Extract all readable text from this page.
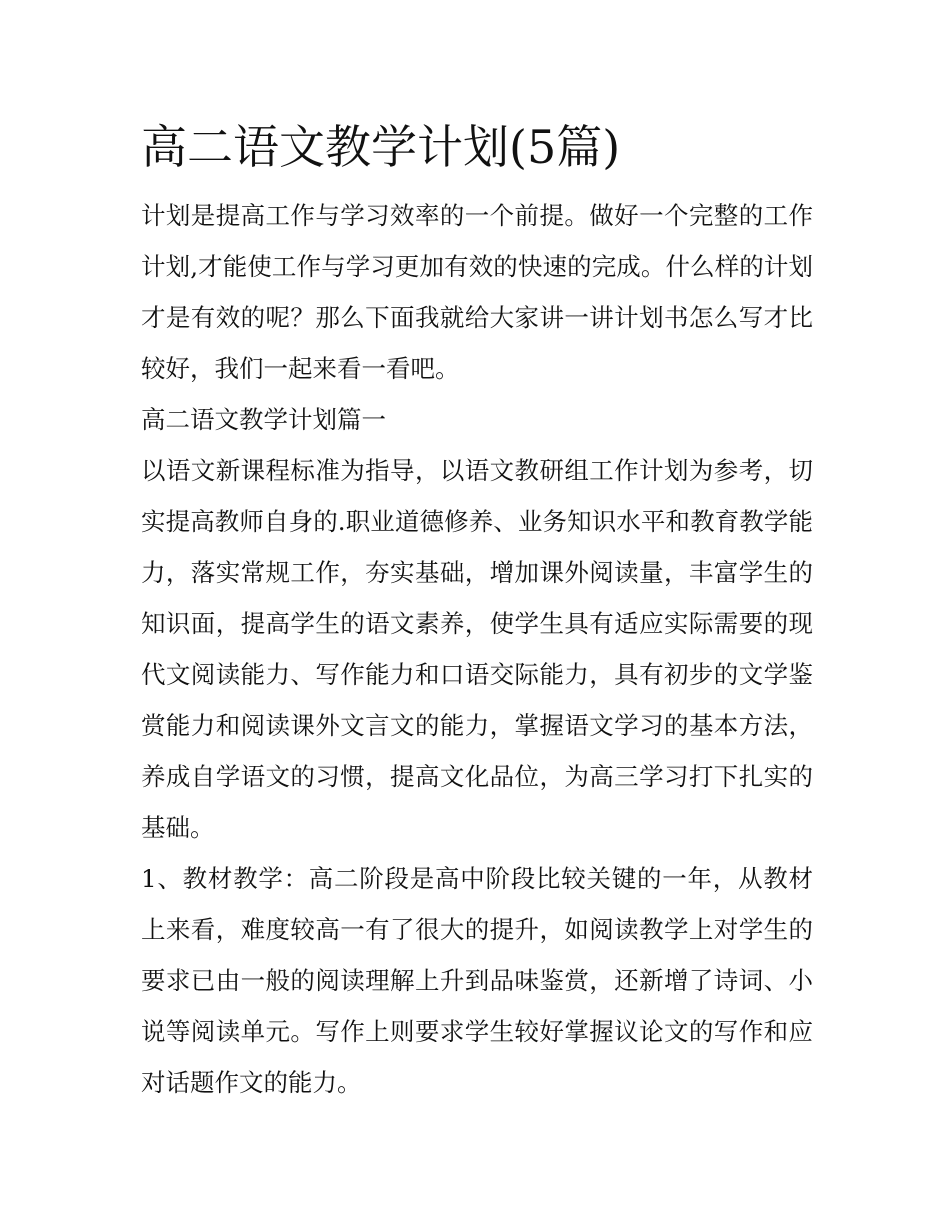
高二语文教学计划(5篇)

计划是提高工作与学习效率的一个前提。做好一个完整的工作计划,才能使工作与学习更加有效的快速的完成。什么样的计划才是有效的呢？那么下面我就给大家讲一讲计划书怎么写才比较好，我们一起来看一看吧。

高二语文教学计划篇一

以语文新课程标准为指导，以语文教研组工作计划为参考，切实提高教师自身的.职业道德修养、业务知识水平和教育教学能力，落实常规工作，夯实基础，增加课外阅读量，丰富学生的知识面，提高学生的语文素养，使学生具有适应实际需要的现代文阅读能力、写作能力和口语交际能力，具有初步的文学鉴赏能力和阅读课外文言文的能力，掌握语文学习的基本方法，养成自学语文的习惯，提高文化品位，为高三学习打下扎实的基础。

1、教材教学：高二阶段是高中阶段比较关键的一年，从教材上来看，难度较高一有了很大的提升，如阅读教学上对学生的要求已由一般的阅读理解上升到品味鉴赏，还新增了诗词、小说等阅读单元。写作上则要求学生较好掌握议论文的写作和应对话题作文的能力。
